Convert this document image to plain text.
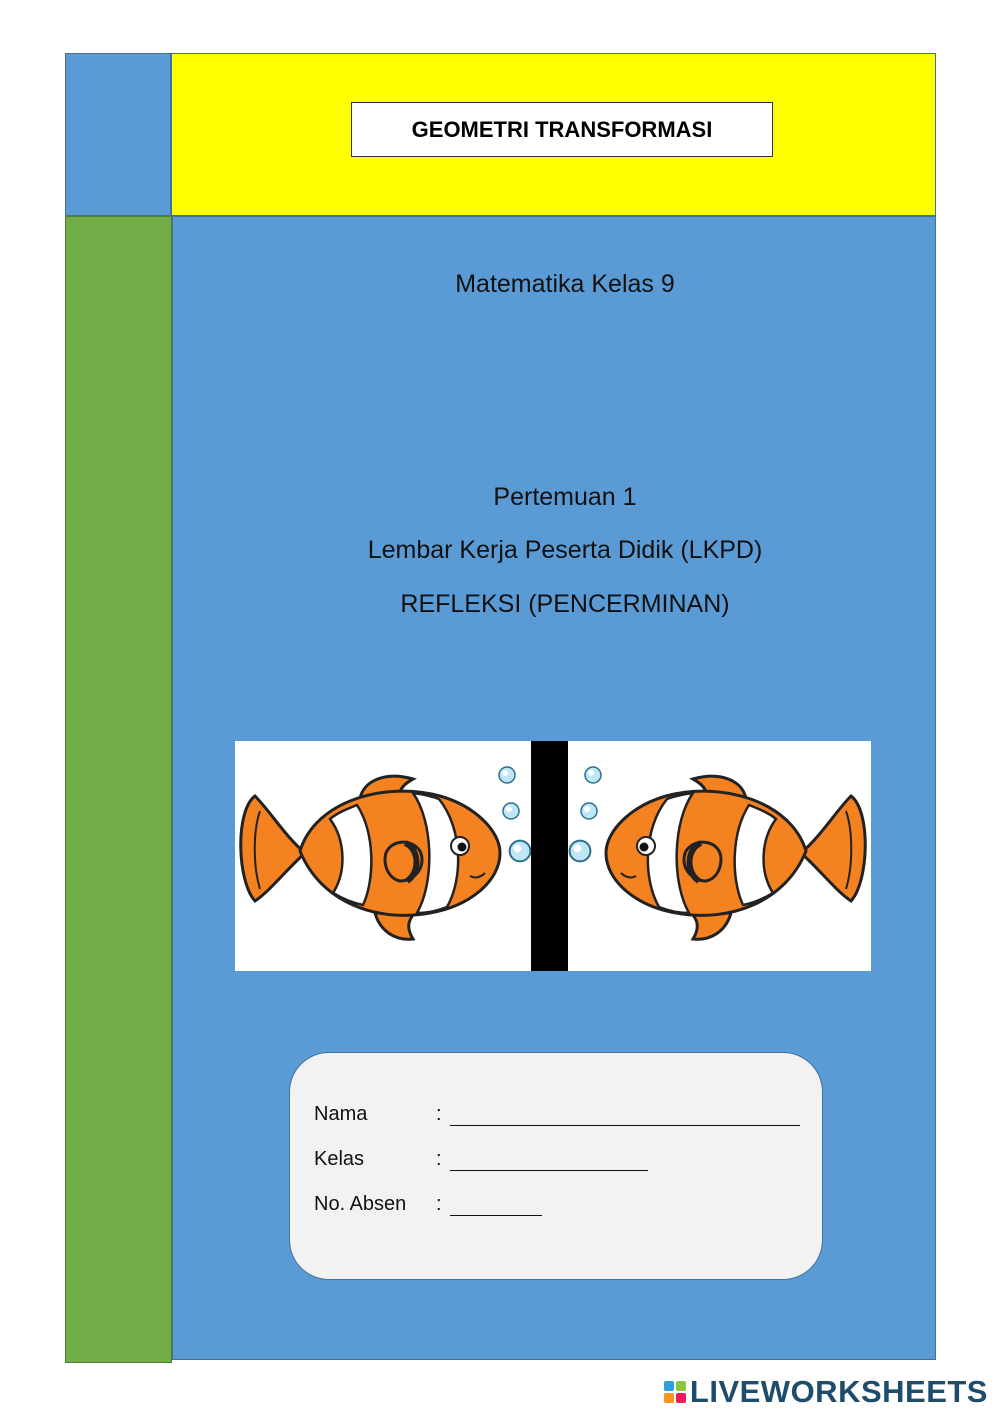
GEOMETRI TRANSFORMASI
Matematika Kelas 9
Pertemuan 1
Lembar Kerja Peserta Didik (LKPD)
REFLEKSI (PENCERMINAN)
Nama	:
Kelas	:
No. Absen	:
LIVEWORKSHEETS
